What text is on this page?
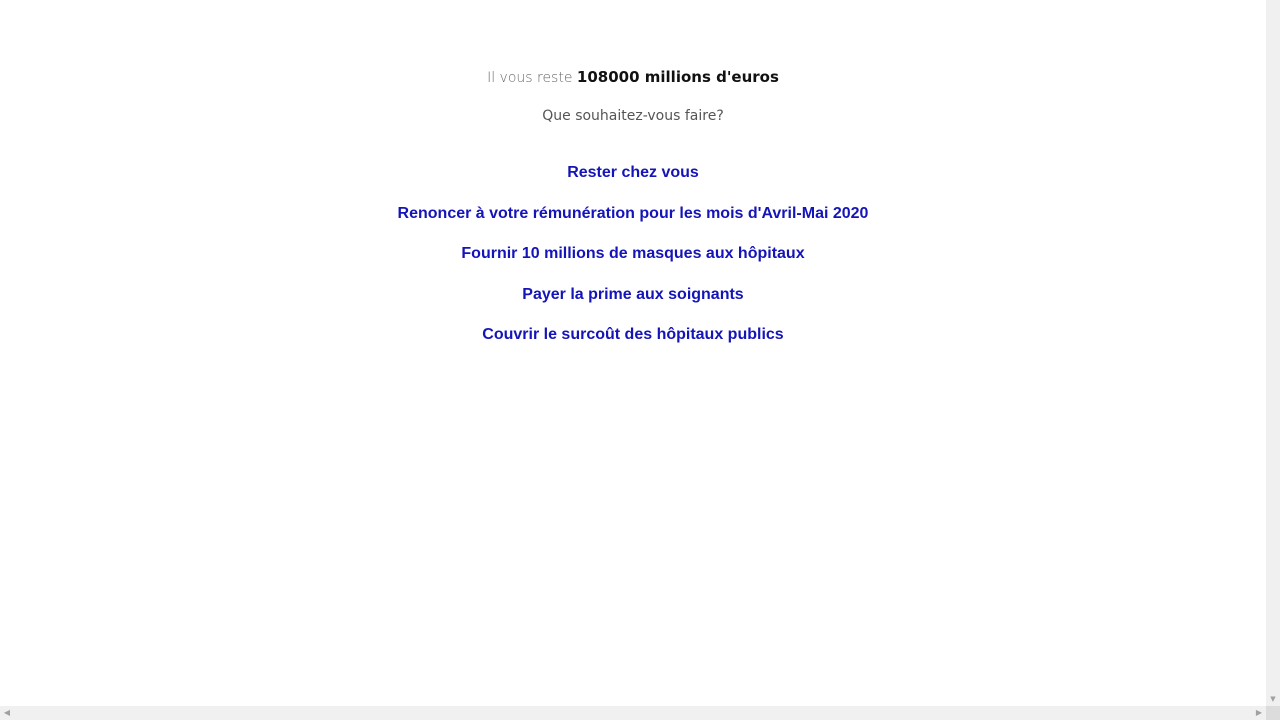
Il vous reste 108000 millions d'euros
Que souhaitez-vous faire?
Rester chez vous
Renoncer à votre rémunération pour les mois d'Avril-Mai 2020
Fournir 10 millions de masques aux hôpitaux
Payer la prime aux soignants
Couvrir le surcoût des hôpitaux publics
▼
◀	▶
